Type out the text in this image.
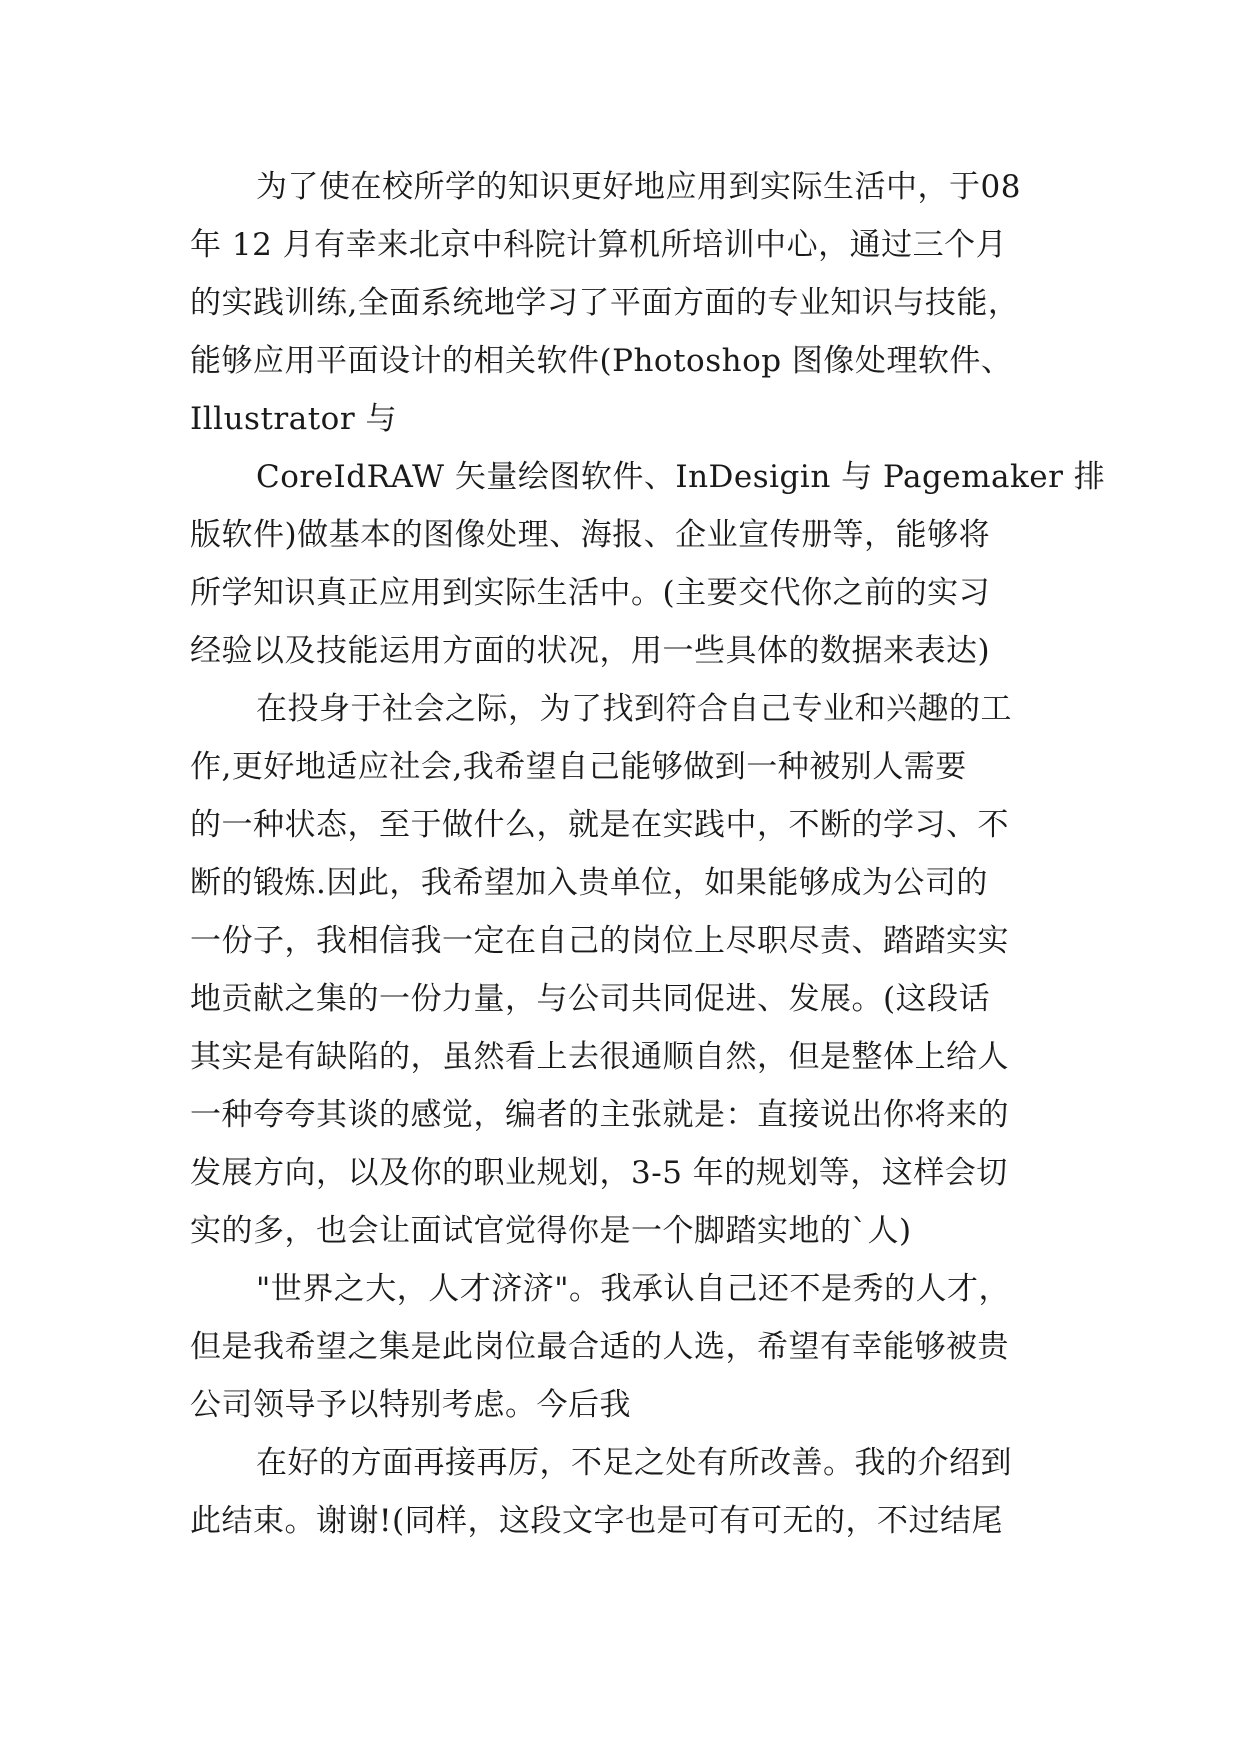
为了使在校所学的知识更好地应用到实际生活中，于08
年 12 月有幸来北京中科院计算机所培训中心，通过三个月
的实践训练,全面系统地学习了平面方面的专业知识与技能，
能够应用平面设计的相关软件(Photoshop 图像处理软件、
Illustrator 与
CoreIdRAW 矢量绘图软件、InDesigin 与 Pagemaker 排
版软件)做基本的图像处理、海报、企业宣传册等，能够将
所学知识真正应用到实际生活中。(主要交代你之前的实习
经验以及技能运用方面的状况，用一些具体的数据来表达)
在投身于社会之际，为了找到符合自己专业和兴趣的工
作,更好地适应社会,我希望自己能够做到一种被别人需要
的一种状态，至于做什么，就是在实践中，不断的学习、不
断的锻炼.因此，我希望加入贵单位，如果能够成为公司的
一份子，我相信我一定在自己的岗位上尽职尽责、踏踏实实
地贡献之集的一份力量，与公司共同促进、发展。(这段话
其实是有缺陷的，虽然看上去很通顺自然，但是整体上给人
一种夸夸其谈的感觉，编者的主张就是：直接说出你将来的
发展方向，以及你的职业规划，3-5 年的规划等，这样会切
实的多，也会让面试官觉得你是一个脚踏实地的`人)
"世界之大，人才济济"。我承认自己还不是秀的人才，
但是我希望之集是此岗位最合适的人选，希望有幸能够被贵
公司领导予以特别考虑。今后我
在好的方面再接再厉，不足之处有所改善。我的介绍到
此结束。谢谢!(同样，这段文字也是可有可无的，不过结尾
